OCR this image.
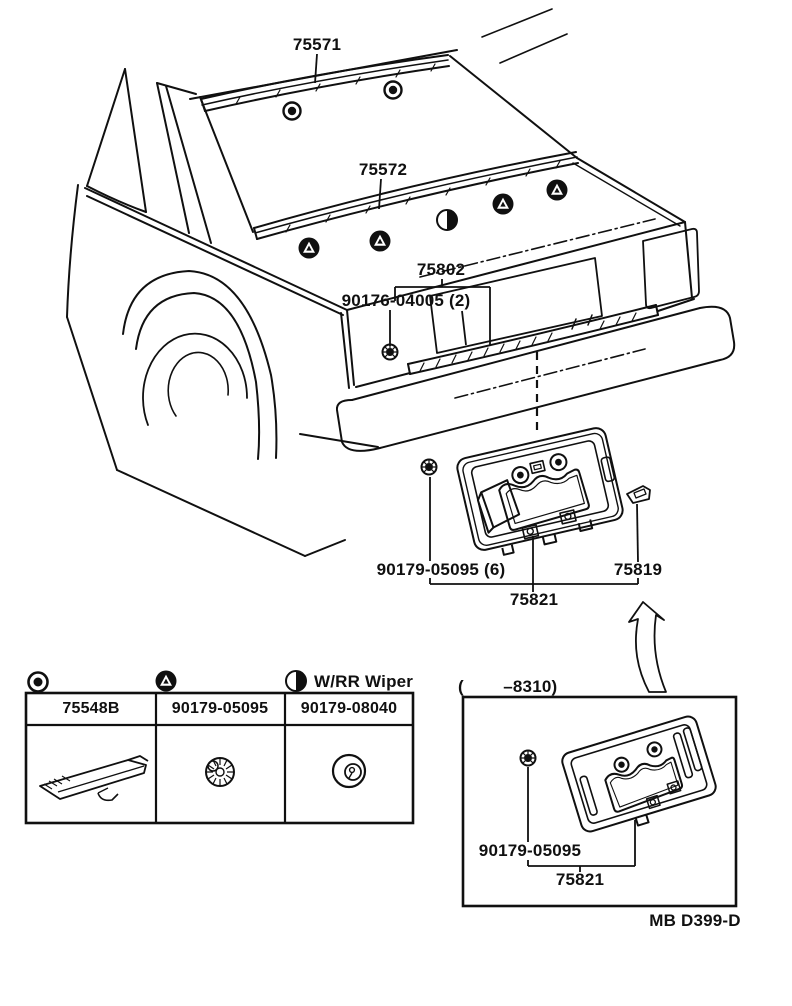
75571
75572
75802
90176-04005 (2)
90179-05095 (6)	75819
75821
W/RR Wiper
75548B	90179-05095 90179-08040
(        –8310)
90179-05095
75821
MB D399-D
